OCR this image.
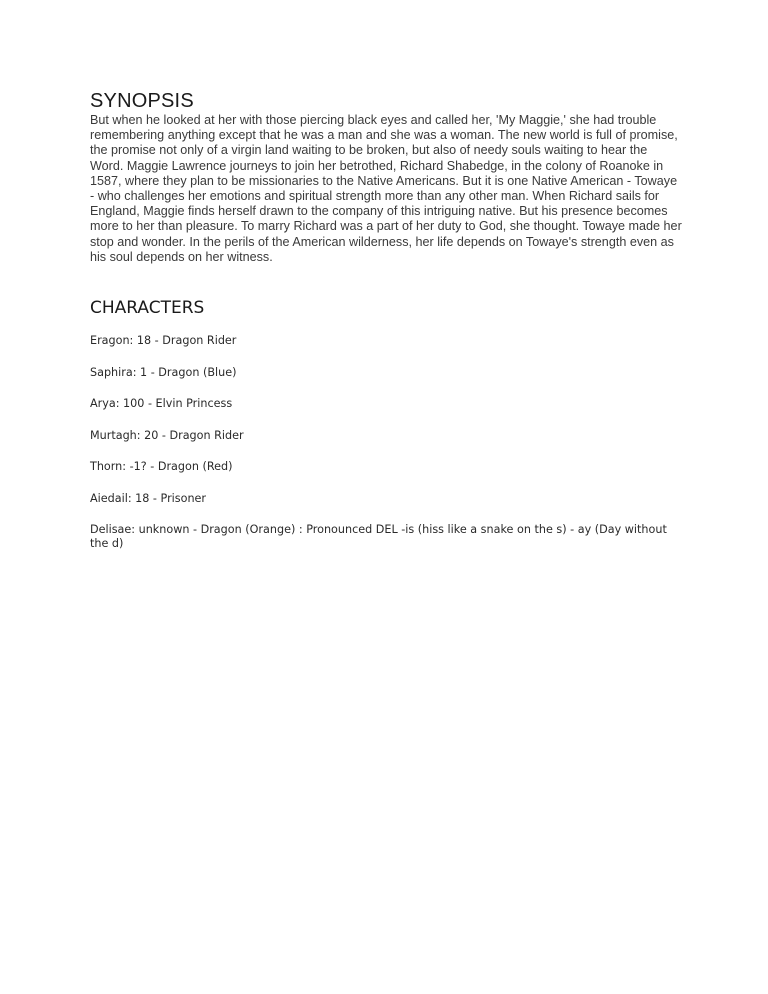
SYNOPSIS

But when he looked at her with those piercing black eyes and called her, 'My Maggie,' she had trouble remembering anything except that he was a man and she was a woman. The new world is full of promise, the promise not only of a virgin land waiting to be broken, but also of needy souls waiting to hear the Word. Maggie Lawrence journeys to join her betrothed, Richard Shabedge, in the colony of Roanoke in 1587, where they plan to be missionaries to the Native Americans. But it is one Native American - Towaye - who challenges her emotions and spiritual strength more than any other man. When Richard sails for England, Maggie finds herself drawn to the company of this intriguing native. But his presence becomes more to her than pleasure. To marry Richard was a part of her duty to God, she thought. Towaye made her stop and wonder. In the perils of the American wilderness, her life depends on Towaye's strength even as his soul depends on her witness.

CHARACTERS
Eragon: 18 - Dragon Rider
Saphira: 1 - Dragon (Blue)
Arya: 100 - Elvin Princess
Murtagh: 20 - Dragon Rider
Thorn: -1? - Dragon (Red)
Aiedail: 18 - Prisoner
Delisae: unknown - Dragon (Orange) : Pronounced DEL -is (hiss like a snake on the s) - ay (Day without the d)
